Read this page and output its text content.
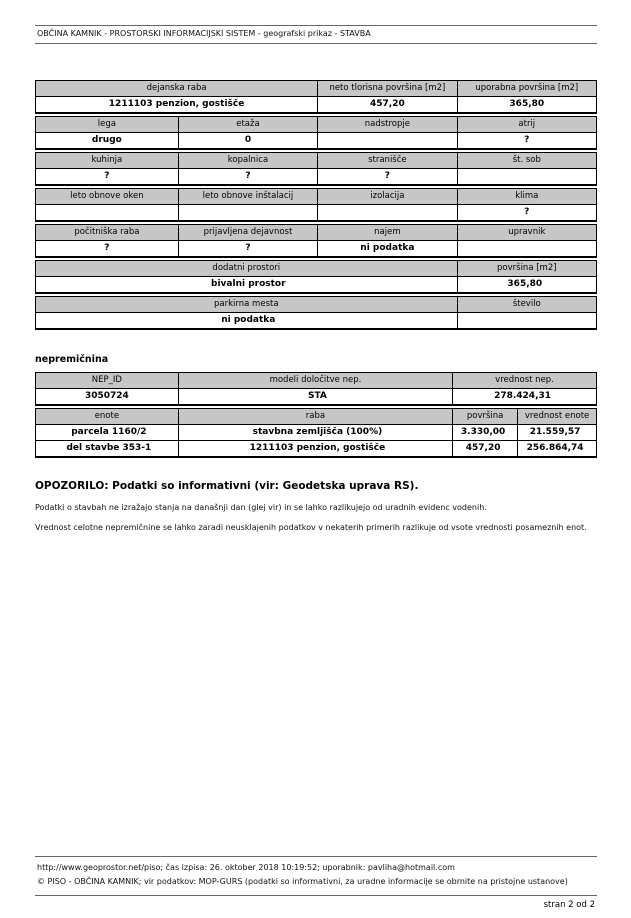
OBČINA KAMNIK - PROSTORSKI INFORMACIJSKI SISTEM - geografski prikaz - STAVBA
dejanska raba	neto tlorisna površina [m2]	uporabna površina [m2]
1211103 penzion, gostišče	457,20	365,80
lega	etaža	nadstropje	atrij
drugo	0		?
kuhinja	kopalnica	stranišče	št. sob
?	?	?	
leto obnove oken	leto obnove inštalacij	izolacija	klima
			?
počitniška raba	prijavljena dejavnost	najem	upravnik
?	?	ni podatka	
dodatni prostori	površina [m2]
bivalni prostor	365,80
parkirna mesta	število
ni podatka	
nepremičnina
NEP_ID	modeli določitve nep.	vrednost nep.
3050724	STA	278.424,31
enote	raba	površina	vrednost enote
parcela 1160/2	stavbna zemljišča (100%)	3.330,00	21.559,57
del stavbe 353-1	1211103 penzion, gostišče	457,20	256.864,74
OPOZORILO: Podatki so informativni (vir: Geodetska uprava RS).

Podatki o stavbah ne izražajo stanja na današnji dan (glej vir) in se lahko razlikujejo od uradnih evidenc vodenih.

Vrednost celotne nepremičnine se lahko zaradi neusklajenih podatkov v nekaterih primerih razlikuje od vsote vrednosti posameznih enot.

http://www.geoprostor.net/piso; čas izpisa: 26. oktober 2018 10:19:52; uporabnik: pavliha@hotmail.com
© PISO - OBČINA KAMNIK; vir podatkov: MOP-GURS (podatki so informativni, za uradne informacije se obrnite na pristojne ustanove)
stran 2 od 2
